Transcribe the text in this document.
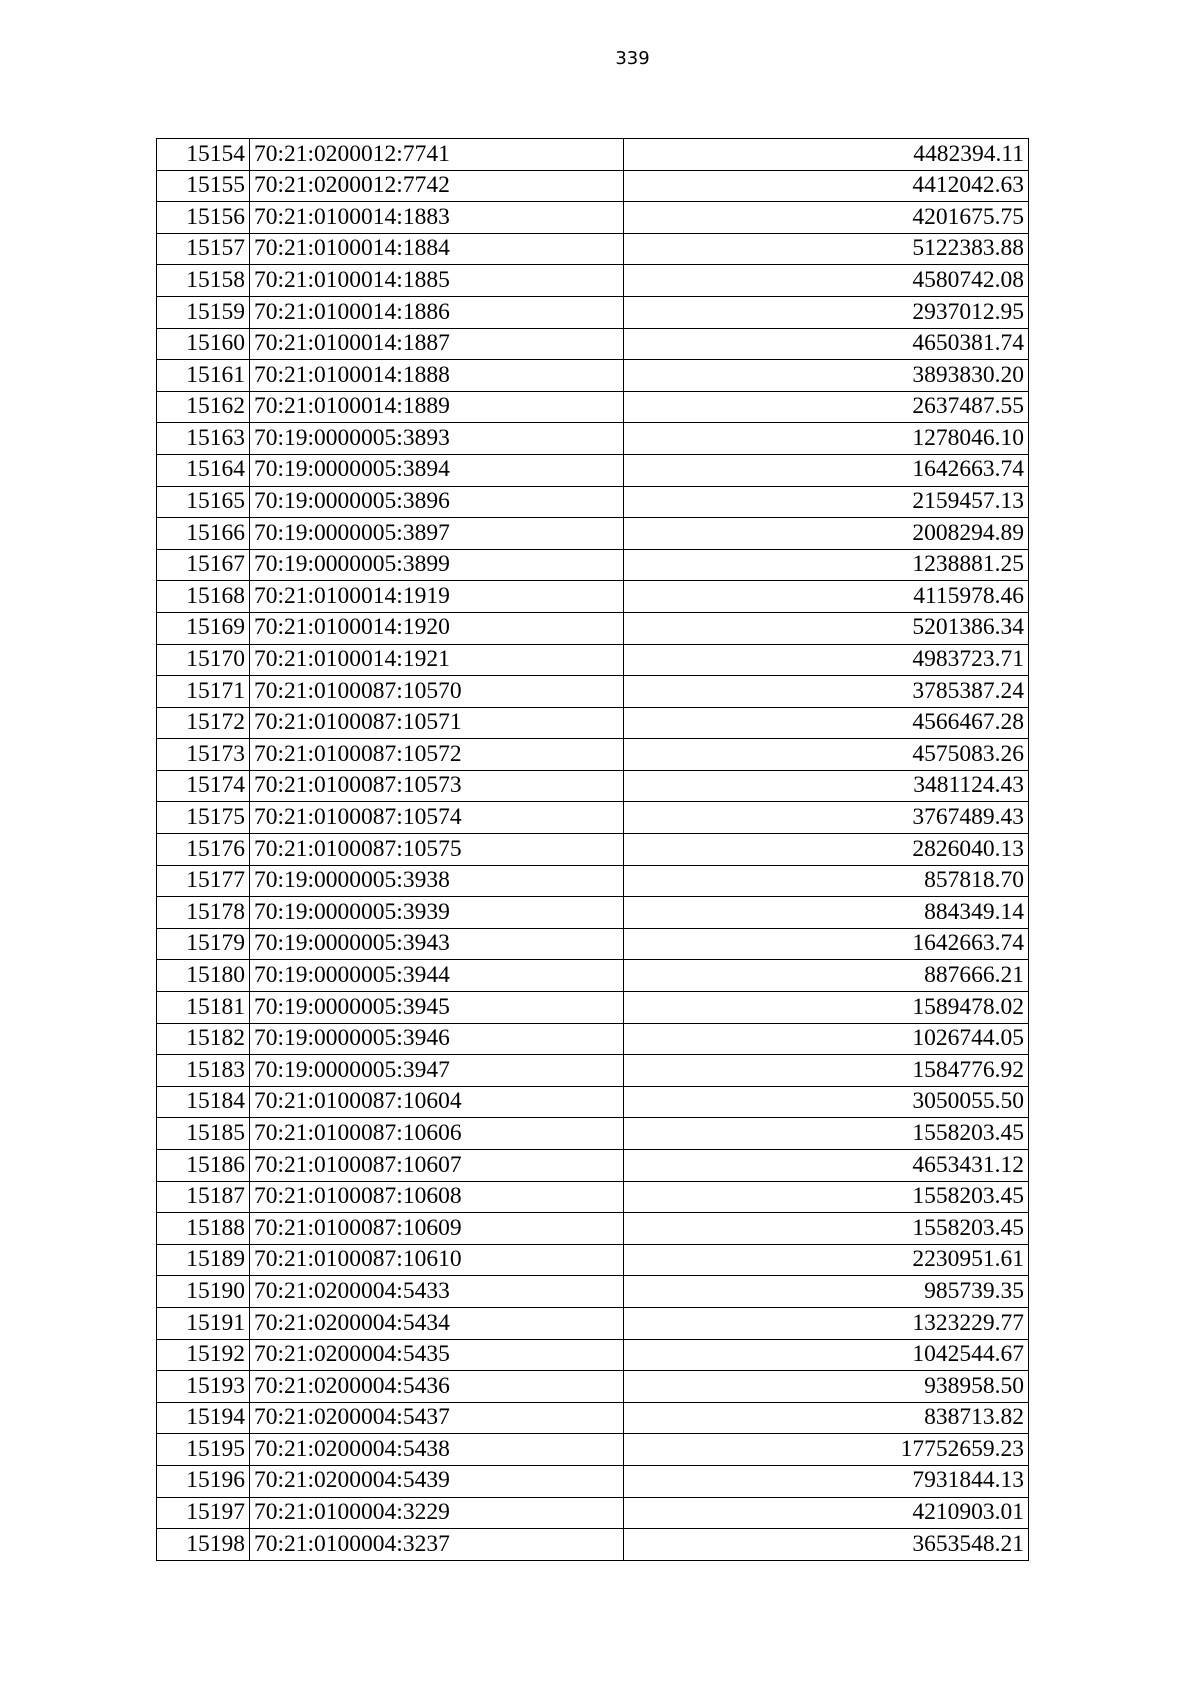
339
15154	70:21:0200012:7741	4482394.11
15155	70:21:0200012:7742	4412042.63
15156	70:21:0100014:1883	4201675.75
15157	70:21:0100014:1884	5122383.88
15158	70:21:0100014:1885	4580742.08
15159	70:21:0100014:1886	2937012.95
15160	70:21:0100014:1887	4650381.74
15161	70:21:0100014:1888	3893830.20
15162	70:21:0100014:1889	2637487.55
15163	70:19:0000005:3893	1278046.10
15164	70:19:0000005:3894	1642663.74
15165	70:19:0000005:3896	2159457.13
15166	70:19:0000005:3897	2008294.89
15167	70:19:0000005:3899	1238881.25
15168	70:21:0100014:1919	4115978.46
15169	70:21:0100014:1920	5201386.34
15170	70:21:0100014:1921	4983723.71
15171	70:21:0100087:10570	3785387.24
15172	70:21:0100087:10571	4566467.28
15173	70:21:0100087:10572	4575083.26
15174	70:21:0100087:10573	3481124.43
15175	70:21:0100087:10574	3767489.43
15176	70:21:0100087:10575	2826040.13
15177	70:19:0000005:3938	857818.70
15178	70:19:0000005:3939	884349.14
15179	70:19:0000005:3943	1642663.74
15180	70:19:0000005:3944	887666.21
15181	70:19:0000005:3945	1589478.02
15182	70:19:0000005:3946	1026744.05
15183	70:19:0000005:3947	1584776.92
15184	70:21:0100087:10604	3050055.50
15185	70:21:0100087:10606	1558203.45
15186	70:21:0100087:10607	4653431.12
15187	70:21:0100087:10608	1558203.45
15188	70:21:0100087:10609	1558203.45
15189	70:21:0100087:10610	2230951.61
15190	70:21:0200004:5433	985739.35
15191	70:21:0200004:5434	1323229.77
15192	70:21:0200004:5435	1042544.67
15193	70:21:0200004:5436	938958.50
15194	70:21:0200004:5437	838713.82
15195	70:21:0200004:5438	17752659.23
15196	70:21:0200004:5439	7931844.13
15197	70:21:0100004:3229	4210903.01
15198	70:21:0100004:3237	3653548.21
